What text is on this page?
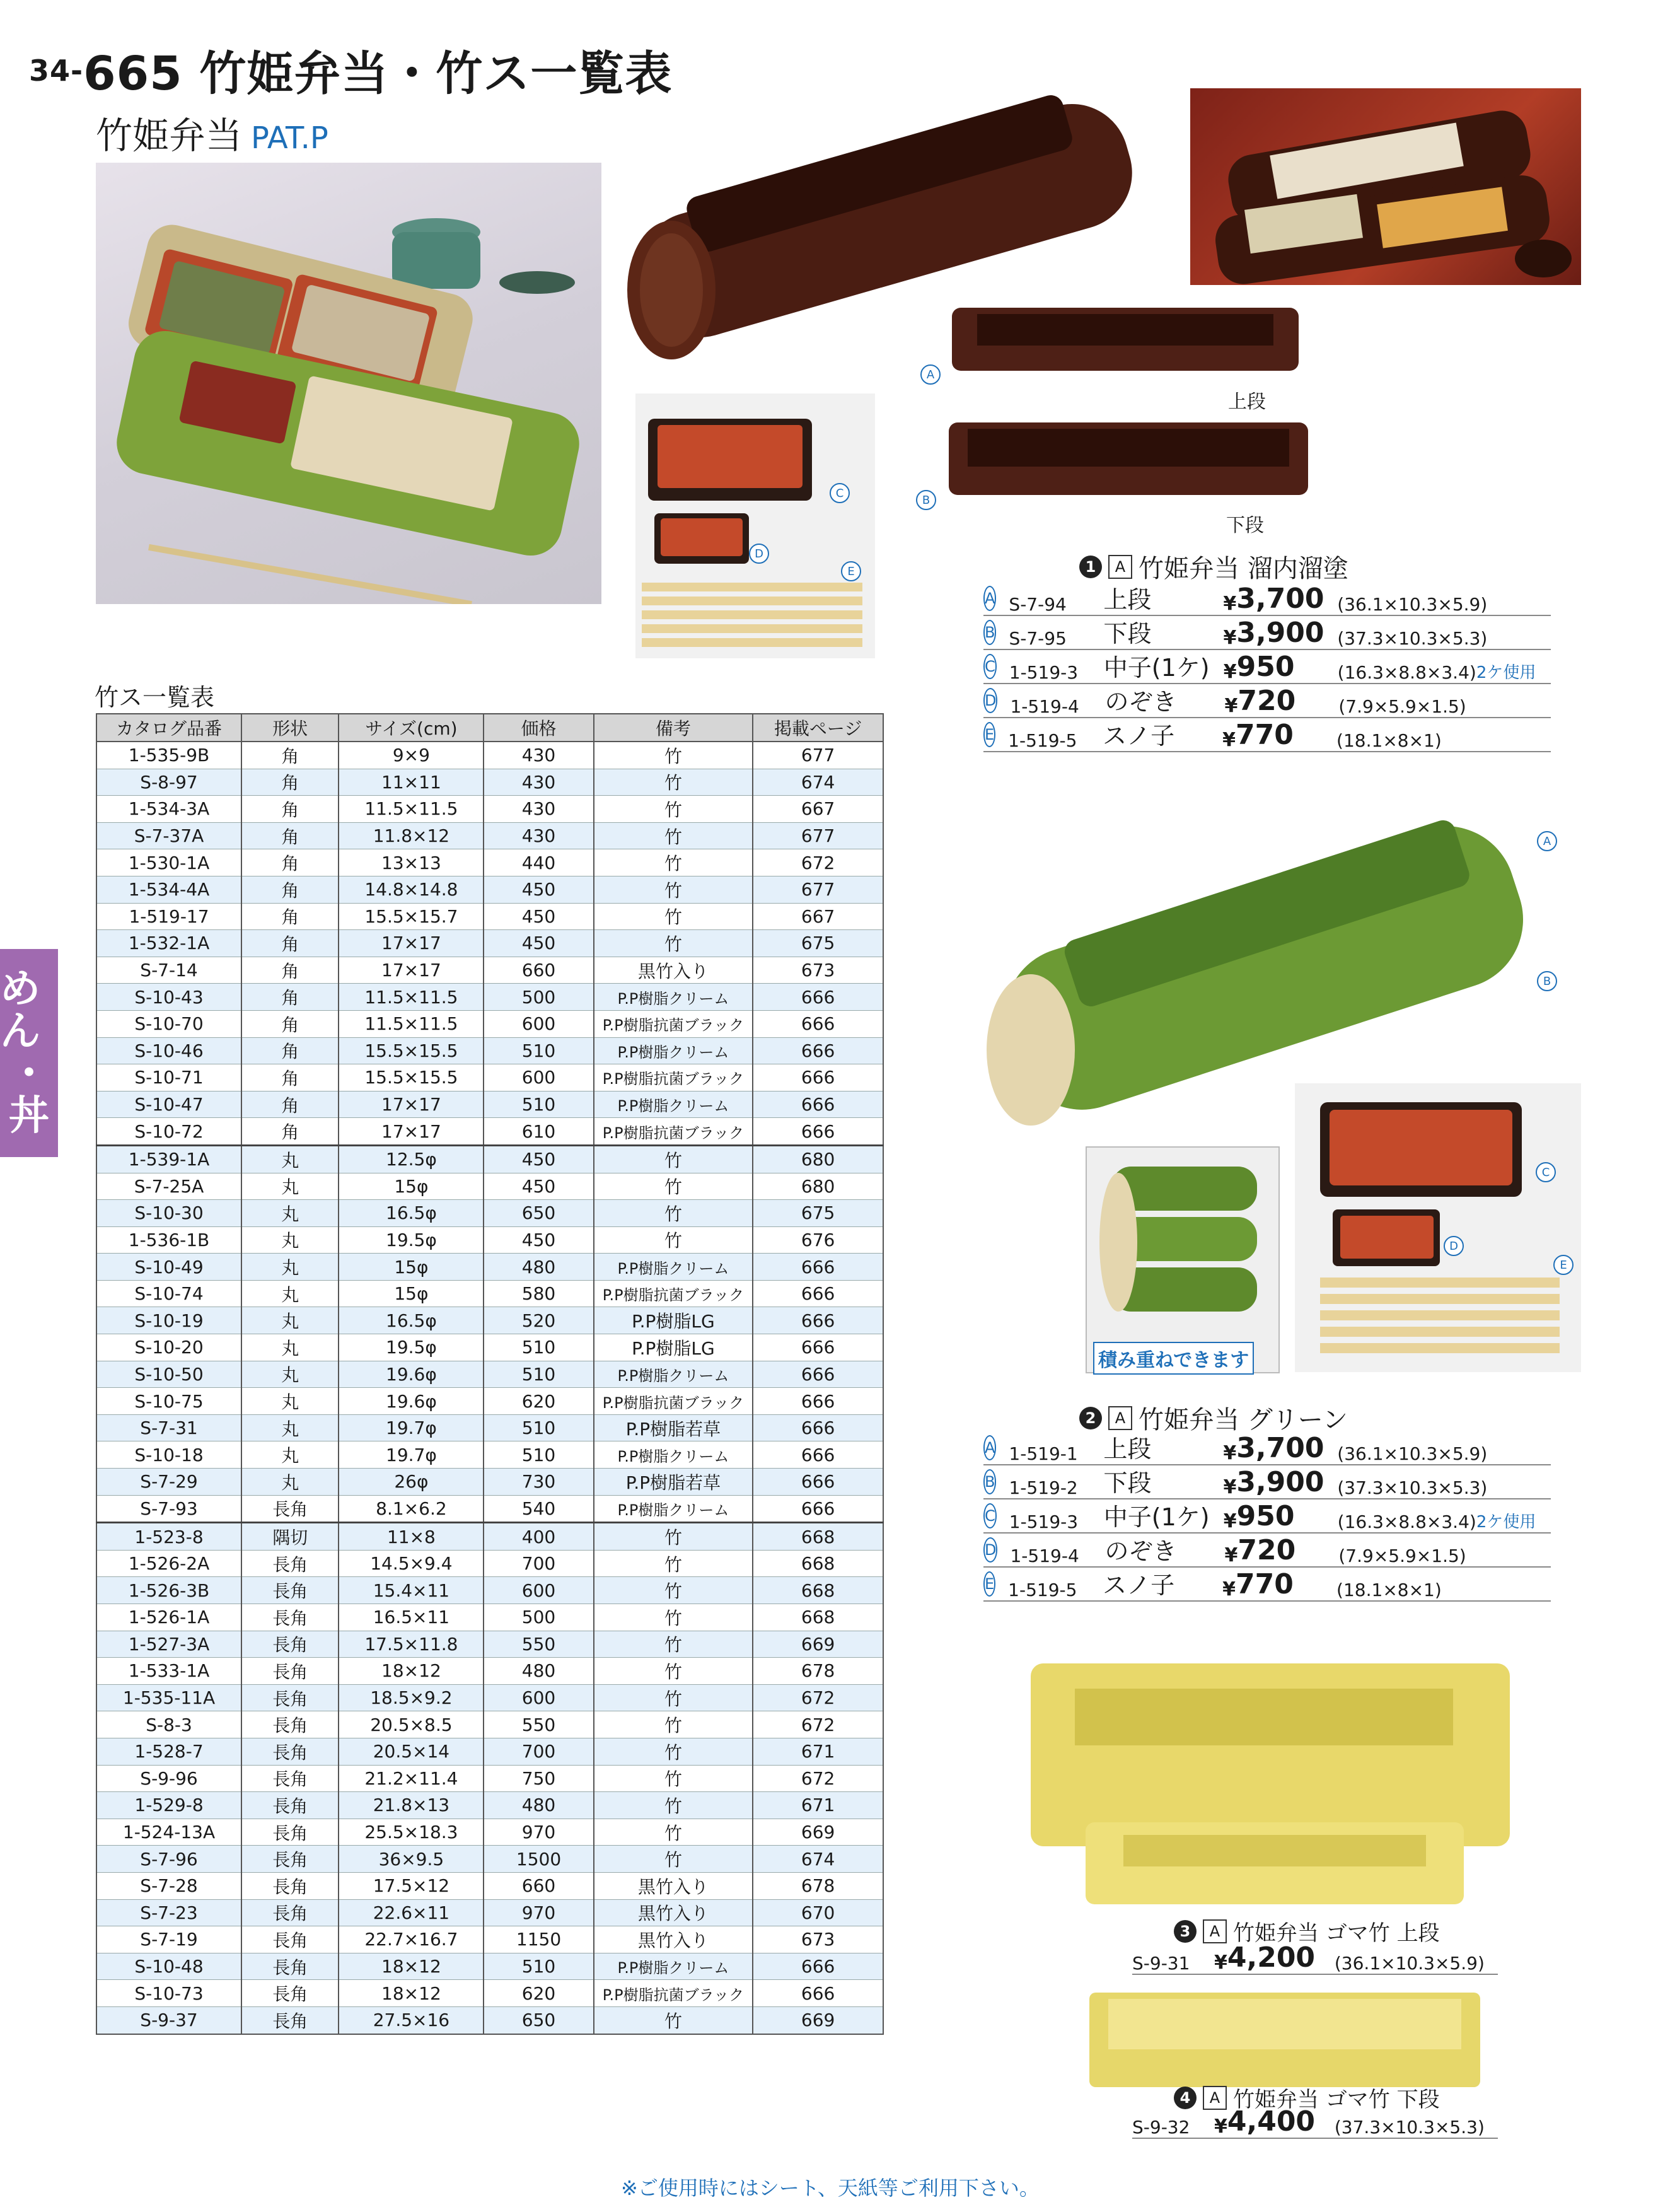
34-665 竹姫弁当・竹ス一覧表
竹姫弁当 PAT.P
めん
・
丼
A
上段
B
下段
C
D
E
A
B
C
D
E
積み重ねできます
竹ス一覧表
カタログ品番	形状	サイズ(cm)	価格	備考	掲載ページ
1-535-9B	角	9×9	430	竹	677
S-8-97	角	11×11	430	竹	674
1-534-3A	角	11.5×11.5	430	竹	667
S-7-37A	角	11.8×12	430	竹	677
1-530-1A	角	13×13	440	竹	672
1-534-4A	角	14.8×14.8	450	竹	677
1-519-17	角	15.5×15.7	450	竹	667
1-532-1A	角	17×17	450	竹	675
S-7-14	角	17×17	660	黒竹入り	673
S-10-43	角	11.5×11.5	500	P.P樹脂クリーム	666
S-10-70	角	11.5×11.5	600	P.P樹脂抗菌ブラック	666
S-10-46	角	15.5×15.5	510	P.P樹脂クリーム	666
S-10-71	角	15.5×15.5	600	P.P樹脂抗菌ブラック	666
S-10-47	角	17×17	510	P.P樹脂クリーム	666
S-10-72	角	17×17	610	P.P樹脂抗菌ブラック	666
1-539-1A	丸	12.5φ	450	竹	680
S-7-25A	丸	15φ	450	竹	680
S-10-30	丸	16.5φ	650	竹	675
1-536-1B	丸	19.5φ	450	竹	676
S-10-49	丸	15φ	480	P.P樹脂クリーム	666
S-10-74	丸	15φ	580	P.P樹脂抗菌ブラック	666
S-10-19	丸	16.5φ	520	P.P樹脂LG	666
S-10-20	丸	19.5φ	510	P.P樹脂LG	666
S-10-50	丸	19.6φ	510	P.P樹脂クリーム	666
S-10-75	丸	19.6φ	620	P.P樹脂抗菌ブラック	666
S-7-31	丸	19.7φ	510	P.P樹脂若草	666
S-10-18	丸	19.7φ	510	P.P樹脂クリーム	666
S-7-29	丸	26φ	730	P.P樹脂若草	666
S-7-93	長角	8.1×6.2	540	P.P樹脂クリーム	666
1-523-8	隅切	11×8	400	竹	668
1-526-2A	長角	14.5×9.4	700	竹	668
1-526-3B	長角	15.4×11	600	竹	668
1-526-1A	長角	16.5×11	500	竹	668
1-527-3A	長角	17.5×11.8	550	竹	669
1-533-1A	長角	18×12	480	竹	678
1-535-11A	長角	18.5×9.2	600	竹	672
S-8-3	長角	20.5×8.5	550	竹	672
1-528-7	長角	20.5×14	700	竹	671
S-9-96	長角	21.2×11.4	750	竹	672
1-529-8	長角	21.8×13	480	竹	671
1-524-13A	長角	25.5×18.3	970	竹	669
S-7-96	長角	36×9.5	1500	竹	674
S-7-28	長角	17.5×12	660	黒竹入り	678
S-7-23	長角	22.6×11	970	黒竹入り	670
S-7-19	長角	22.7×16.7	1150	黒竹入り	673
S-10-48	長角	18×12	510	P.P樹脂クリーム	666
S-10-73	長角	18×12	620	P.P樹脂抗菌ブラック	666
S-9-37	長角	27.5×16	650	竹	669
1	A 竹姫弁当 溜内溜塗
A S-7-94	上段	¥ 3,700 (36.1×10.3×5.9)
B S-7-95	下段	¥ 3,900 (37.3×10.3×5.3)
C 1-519-3	中子(1ケ) ¥ 950	(16.3×8.8×3.4) 2ケ使用
D 1-519-4	のぞき	¥ 720	(7.9×5.9×1.5)
E 1-519-5	スノ子	¥ 770	(18.1×8×1)
2	A 竹姫弁当 グリーン
A 1-519-1	上段	¥ 3,700 (36.1×10.3×5.9)
B 1-519-2	下段	¥ 3,900 (37.3×10.3×5.3)
C 1-519-3	中子(1ケ) ¥ 950	(16.3×8.8×3.4) 2ケ使用
D 1-519-4	のぞき	¥ 720	(7.9×5.9×1.5)
E 1-519-5	スノ子	¥ 770	(18.1×8×1)
3	A 竹姫弁当 ゴマ竹 上段
S-9-31	¥ 4,200	(36.1×10.3×5.9)
4	A 竹姫弁当 ゴマ竹 下段
S-9-32	¥ 4,400	(37.3×10.3×5.3)
※ご使用時にはシート、天紙等ご利用下さい。
